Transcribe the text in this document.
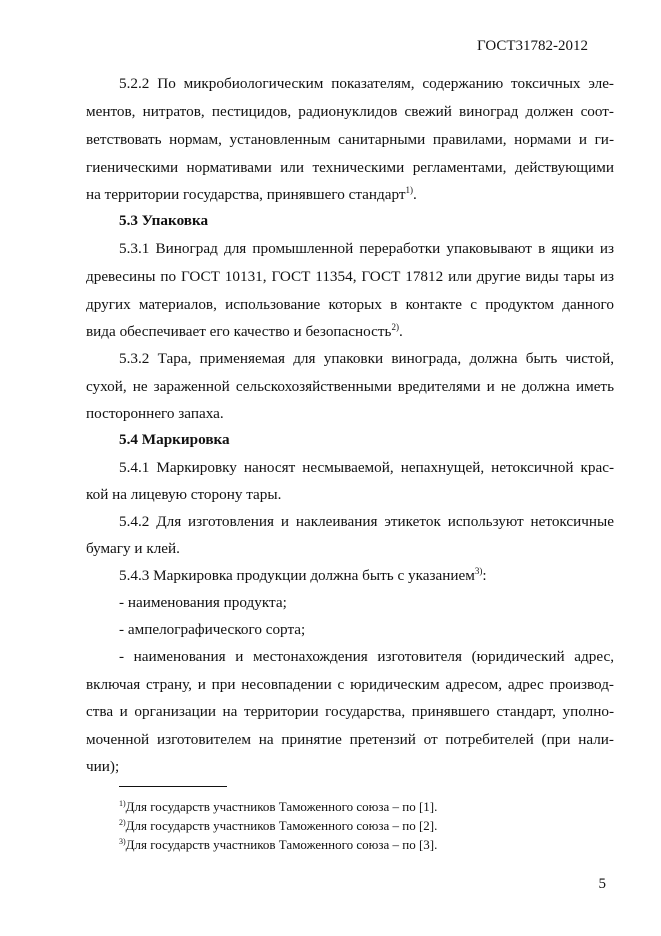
ГОСТ31782-2012
5.2.2 По микробиологическим показателям, содержанию токсичных эле-
ментов, нитратов, пестицидов, радионуклидов свежий виноград должен соот-
ветствовать нормам, установленным санитарными правилами, нормами и ги-
гиеническими нормативами или техническими регламентами, действующими
на территории государства, принявшего стандарт$^{1)}$.
5.3 Упаковка
5.3.1 Виноград для промышленной переработки упаковывают в ящики из
древесины по ГОСТ 10131, ГОСТ 11354, ГОСТ 17812 или другие виды тары из
других материалов, использование которых в контакте с продуктом данного
вида обеспечивает его качество и безопасность$^{2)}$.
5.3.2 Тара, применяемая для упаковки винограда, должна быть чистой,
сухой, не зараженной сельскохозяйственными вредителями и не должна иметь
постороннего запаха.
5.4 Маркировка
5.4.1 Маркировку наносят несмываемой, непахнущей, нетоксичной крас-
кой на лицевую сторону тары.
5.4.2 Для изготовления и наклеивания этикеток используют нетоксичные
бумагу и клей.
5.4.3 Маркировка продукции должна быть с указанием$^{3)}$:
- наименования продукта;
- ампелографического сорта;
- наименования и местонахождения изготовителя (юридический адрес,
включая страну, и при несовпадении с юридическим адресом, адрес производ-
ства и организации на территории государства, принявшего стандарт, уполно-
моченной изготовителем на принятие претензий от потребителей (при нали-
чии);
$^{1)}$Для государств участников Таможенного союза – по [1].
$^{2)}$Для государств участников Таможенного союза – по [2].
$^{3)}$Для государств участников Таможенного союза – по [3].
5
